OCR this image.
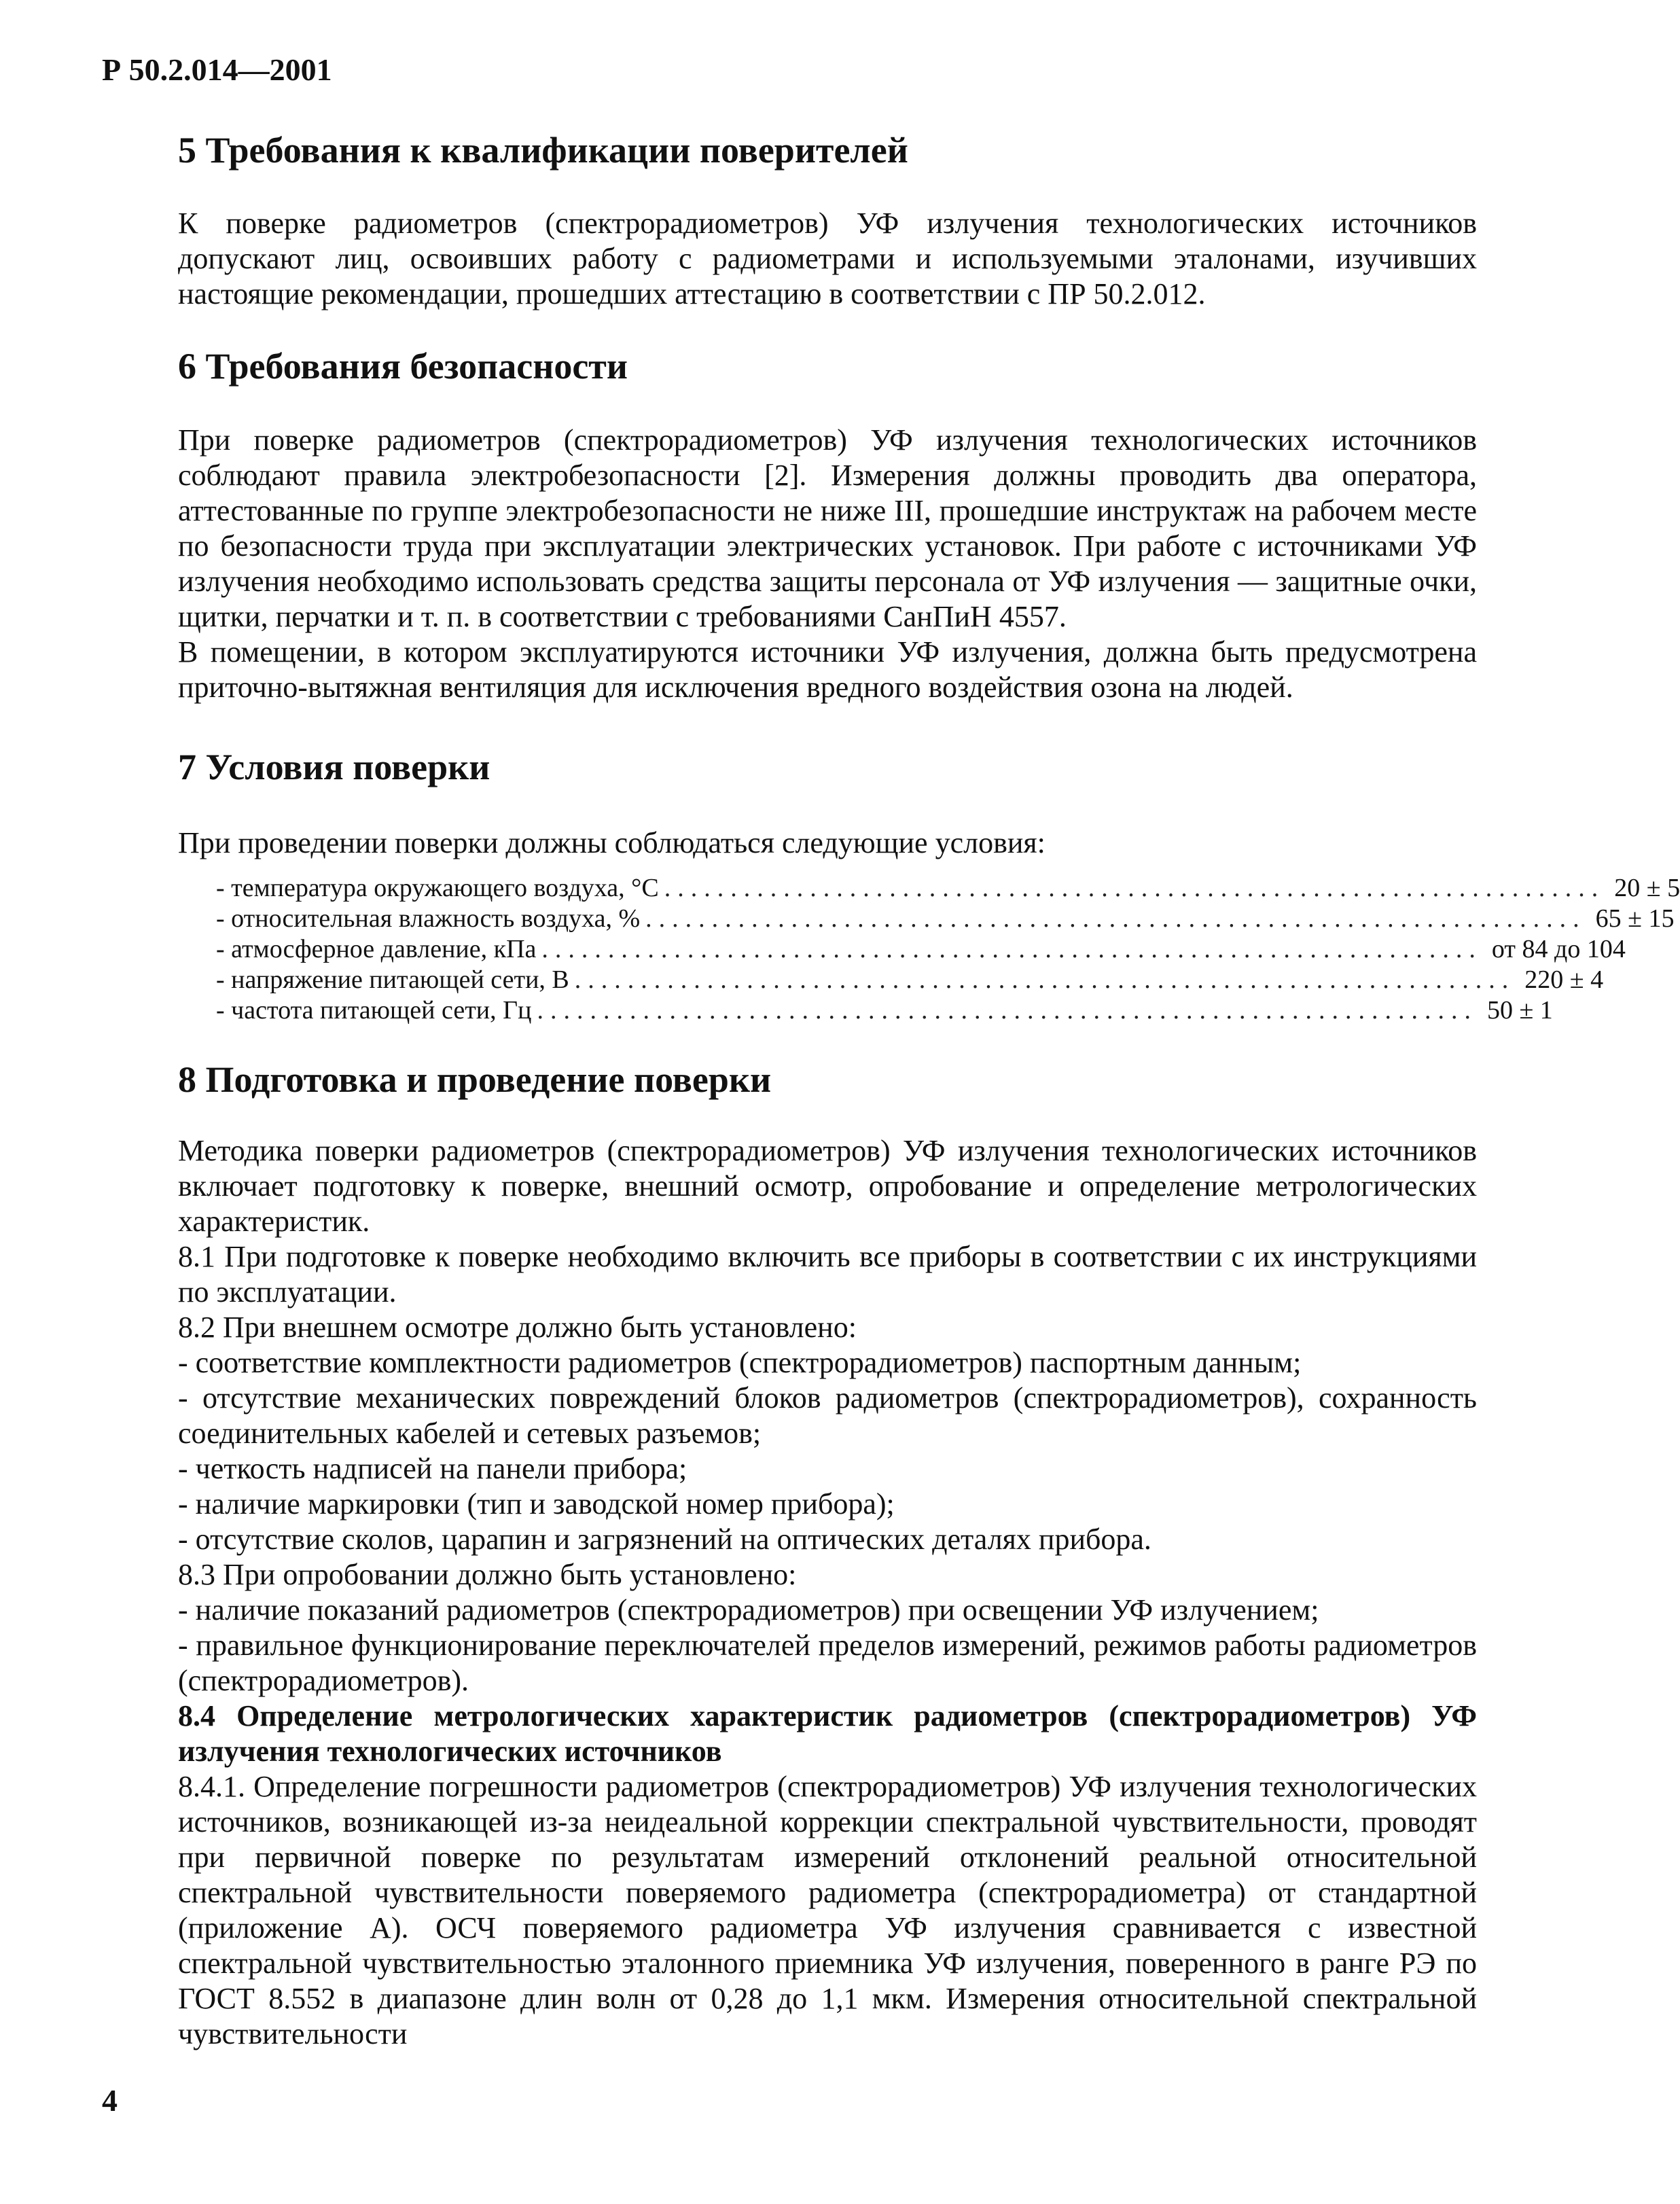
Р 50.2.014—2001
5 Требования к квалификации поверителей

К поверке радиометров (спектрорадиометров) УФ излучения технологических источников допускают лиц, освоивших работу с радиометрами и используемыми эталонами, изучивших настоящие рекомендации, прошедших аттестацию в соответствии с ПР 50.2.012.

6 Требования безопасности

При поверке радиометров (спектрорадиометров) УФ излучения технологических источников соблюдают правила электробезопасности [2]. Измерения должны проводить два оператора, аттестованные по группе электробезопасности не ниже III, прошедшие инструктаж на рабочем месте по безопасности труда при эксплуатации электрических установок. При работе с источниками УФ излучения необходимо использовать средства защиты персонала от УФ излучения — защитные очки, щитки, перчатки и т. п. в соответствии с требованиями СанПиН 4557.

В помещении, в котором эксплуатируются источники УФ излучения, должна быть предусмотрена приточно-вытяжная вентиляция для исключения вредного воздействия озона на людей.

7 Условия поверки
При проведении поверки должны соблюдаться следующие условия:
- температура окружающего воздуха, °С ....................................................................... 20 ± 5
- относительная влажность воздуха, % ....................................................................... 65 ± 15
- атмосферное давление, кПа ....................................................................... от 84 до 104
- напряжение питающей сети, В ....................................................................... 220 ± 4
- частота питающей сети, Гц ....................................................................... 50 ± 1
8 Подготовка и проведение поверки

Методика поверки радиометров (спектрорадиометров) УФ излучения технологических источников включает подготовку к поверке, внешний осмотр, опробование и определение метрологических характеристик.

8.1 При подготовке к поверке необходимо включить все приборы в соответствии с их инструкциями по эксплуатации.

8.2 При внешнем осмотре должно быть установлено:

- соответствие комплектности радиометров (спектрорадиометров) паспортным данным;

- отсутствие механических повреждений блоков радиометров (спектрорадиометров), сохранность соединительных кабелей и сетевых разъемов;

- четкость надписей на панели прибора;

- наличие маркировки (тип и заводской номер прибора);

- отсутствие сколов, царапин и загрязнений на оптических деталях прибора.

8.3 При опробовании должно быть установлено:

- наличие показаний радиометров (спектрорадиометров) при освещении УФ излучением;

- правильное функционирование переключателей пределов измерений, режимов работы радиометров (спектрорадиометров).

8.4 Определение метрологических характеристик радиометров (спектрорадиометров) УФ излучения технологических источников

8.4.1. Определение погрешности радиометров (спектрорадиометров) УФ излучения технологических источников, возникающей из-за неидеальной коррекции спектральной чувствительности, проводят при первичной поверке по результатам измерений отклонений реальной относительной спектральной чувствительности поверяемого радиометра (спектрорадиометра) от стандартной (приложение А). ОСЧ поверяемого радиометра УФ излучения сравнивается с известной спектральной чувствительностью эталонного приемника УФ излучения, поверенного в ранге РЭ по ГОСТ 8.552 в диапазоне длин волн от 0,28 до 1,1 мкм. Измерения относительной спектральной чувствительности

4
